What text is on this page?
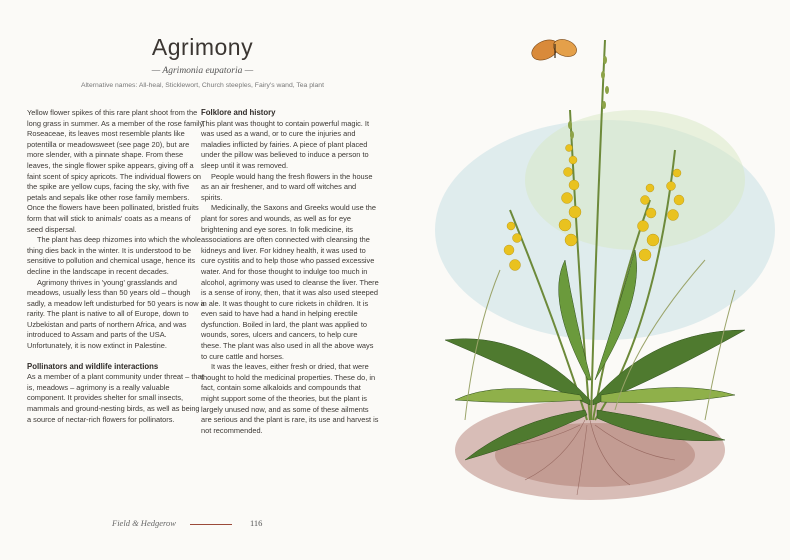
Agrimony
— Agrimonia eupatoria —
Alternative names: All-heal, Sticklewort, Church steeples, Fairy's wand, Tea plant

Yellow flower spikes of this rare plant shoot from the long grass in summer. As a member of the rose family, Roseaceae, its leaves most resemble plants like potentilla or meadowsweet (see page 20), but are more slender, with a pinnate shape. From these leaves, the single flower spike appears, giving off a faint scent of spicy apricots. The individual flowers on the spike are yellow cups, facing the sky, with five petals and sepals like other rose family members. Once the flowers have been pollinated, bristled fruits form that will stick to animals' coats as a means of seed dispersal.

The plant has deep rhizomes into which the whole thing dies back in the winter. It is understood to be sensitive to pollution and chemical usage, hence its decline in the landscape in recent decades.

Agrimony thrives in 'young' grasslands and meadows, usually less than 50 years old – though sadly, a meadow left undisturbed for 50 years is now a rarity. The plant is native to all of Europe, down to Uzbekistan and parts of northern Africa, and was introduced to Assam and parts of the USA. Unfortunately, it is now extinct in Palestine.

Pollinators and wildlife interactions

As a member of a plant community under threat – that is, meadows – agrimony is a really valuable component. It provides shelter for small insects, mammals and ground-nesting birds, as well as being a source of nectar-rich flowers for pollinators.

Folklore and history

This plant was thought to contain powerful magic. It was used as a wand, or to cure the injuries and maladies inflicted by fairies. A piece of plant placed under the pillow was believed to induce a person to sleep until it was removed.

People would hang the fresh flowers in the house as an air freshener, and to ward off witches and spirits.

Medicinally, the Saxons and Greeks would use the plant for sores and wounds, as well as for eye brightening and eye sores. In folk medicine, its associations are often connected with cleansing the kidneys and liver. For kidney health, it was used to cure cystitis and to help those who passed excessive water. And for those thought to indulge too much in alcohol, agrimony was used to cleanse the liver. There is a sense of irony, then, that it was also used steeped in ale. It was thought to cure rickets in children. It is even said to have had a hand in helping erectile dysfunction. Boiled in lard, the plant was applied to wounds, sores, ulcers and cancers, to help cure these. The plant was also used in all the above ways to cure cattle and horses.

It was the leaves, either fresh or dried, that were thought to hold the medicinal properties. These do, in fact, contain some alkaloids and compounds that might support some of the theories, but the plant is largely unused now, and as some of these ailments are serious and the plant is rare, its use and harvest is not recommended.

Field & Hedgerow	116
